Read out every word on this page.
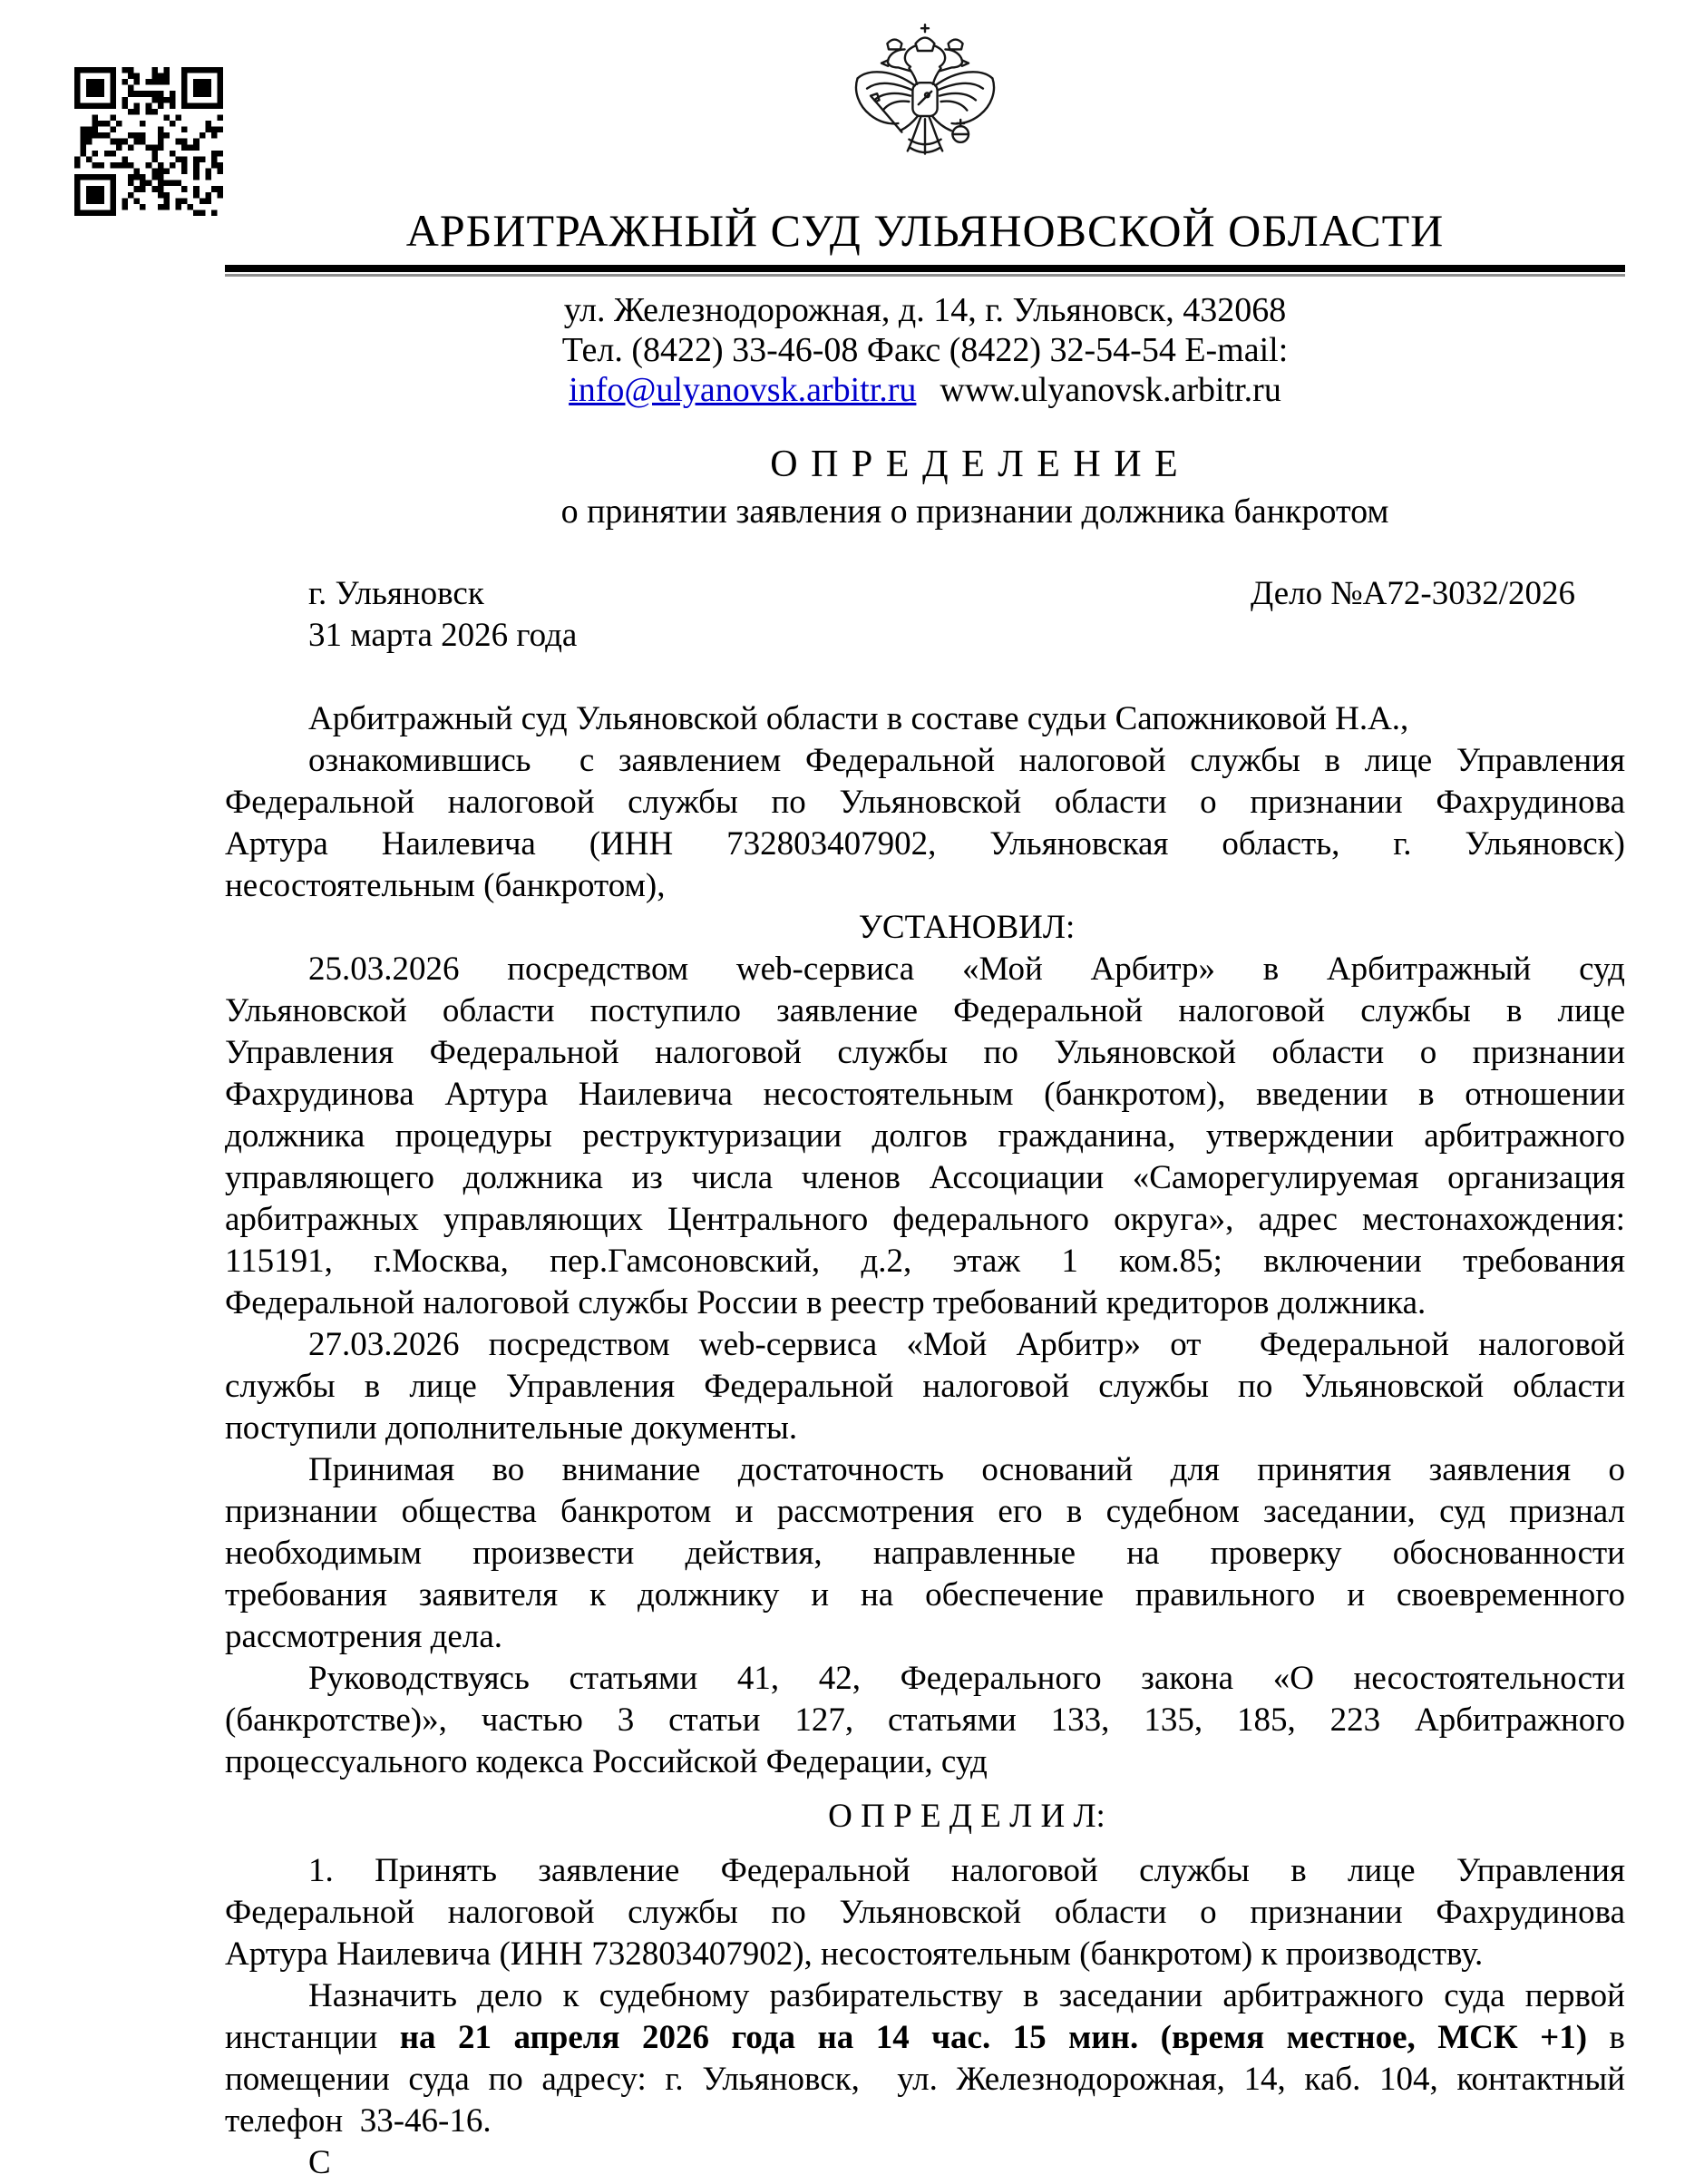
АРБИТРАЖНЫЙ СУД УЛЬЯНОВСКОЙ ОБЛАСТИ
ул. Железнодорожная, д. 14, г. Ульяновск, 432068
Тел. (8422) 33-46-08 Факс (8422) 32-54-54 E-mail: info@ulyanovsk.arbitr.ru www.ulyanovsk.arbitr.ru
О П Р Е Д Е Л Е Н И Е
о принятии заявления о признании должника банкротом
г. Ульяновск	Дело №А72-3032/2026
31 марта 2026 года
Арбитражный суд Ульяновской области в составе судьи Сапожниковой Н.А.,
ознакомившись  с заявлением Федеральной налоговой службы в лице Управления
Федеральной налоговой службы по Ульяновской области о признании Фахрудинова
Артура Наилевича (ИНН 732803407902, Ульяновская область, г. Ульяновск)
несостоятельным (банкротом),
УСТАНОВИЛ:
25.03.2026 посредством web-сервиса «Мой Арбитр» в Арбитражный суд
Ульяновской области поступило заявление Федеральной налоговой службы в лице
Управления Федеральной налоговой службы по Ульяновской области о признании
Фахрудинова Артура Наилевича несостоятельным (банкротом), введении в отношении
должника процедуры реструктуризации долгов гражданина, утверждении арбитражного
управляющего должника из числа членов Ассоциации «Саморегулируемая организация
арбитражных управляющих Центрального федерального округа», адрес местонахождения:
115191, г.Москва, пер.Гамсоновский, д.2, этаж 1 ком.85; включении требования
Федеральной налоговой службы России в реестр требований кредиторов должника.
27.03.2026 посредством web-сервиса «Мой Арбитр» от  Федеральной налоговой
службы в лице Управления Федеральной налоговой службы по Ульяновской области
поступили дополнительные документы.
Принимая во внимание достаточность оснований для принятия заявления о
признании общества банкротом и рассмотрения его в судебном заседании, суд признал
необходимым произвести действия, направленные на проверку обоснованности
требования заявителя к должнику и на обеспечение правильного и своевременного
рассмотрения дела.
Руководствуясь статьями 41, 42, Федерального закона «О несостоятельности
(банкротстве)», частью 3 статьи 127, статьями 133, 135, 185, 223 Арбитражного
процессуального кодекса Российской Федерации, суд
О П Р Е Д Е Л И Л:
1. Принять заявление Федеральной налоговой службы в лице Управления
Федеральной налоговой службы по Ульяновской области о признании Фахрудинова
Артура Наилевича (ИНН 732803407902), несостоятельным (банкротом) к производству.
Назначить дело к судебному разбирательству в заседании арбитражного суда первой
инстанции на 21 апреля 2026 года на 14 час. 15 мин. (время местное, МСК +1) в
помещении суда по адресу: г. Ульяновск,  ул. Железнодорожная, 14, каб. 104, контактный
телефон  33-46-16.
С
